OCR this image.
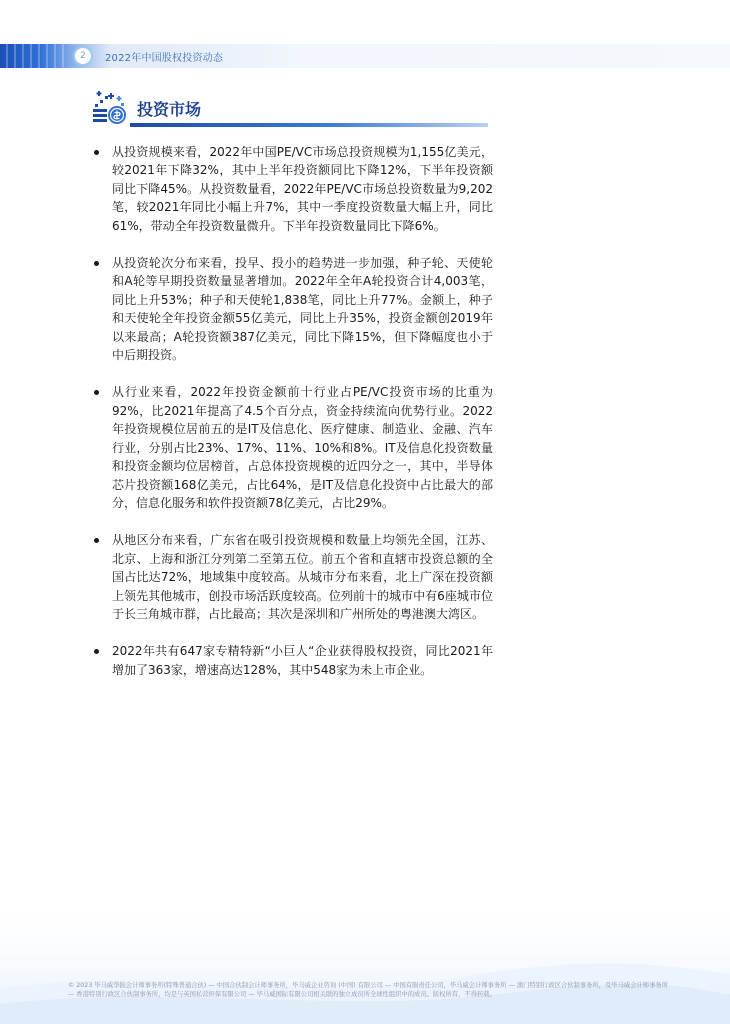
2 2022年中国股权投资动态
投资市场
从投资规模来看，2022年中国PE/VC市场总投资规模为1,155亿美元，较2021年下降32%，其中上半年投资额同比下降12%，下半年投资额同比下降45%。从投资数量看，2022年PE/VC市场总投资数量为9,202笔，较2021年同比小幅上升7%，其中一季度投资数量大幅上升，同比61%，带动全年投资数量微升。下半年投资数量同比下降6%。
从投资轮次分布来看，投早、投小的趋势进一步加强，种子轮、天使轮和A轮等早期投资数量显著增加。2022年全年A轮投资合计4,003笔，同比上升53%；种子和天使轮1,838笔，同比上升77%。金额上，种子和天使轮全年投资金额55亿美元，同比上升35%，投资金额创2019年以来最高；A轮投资额387亿美元，同比下降15%，但下降幅度也小于中后期投资。
从行业来看，2022年投资金额前十行业占PE/VC投资市场的比重为92%，比2021年提高了4.5个百分点，资金持续流向优势行业。2022年投资规模位居前五的是IT及信息化、医疗健康、制造业、金融、汽车行业，分别占比23%、17%、11%、10%和8%。IT及信息化投资数量和投资金额均位居榜首，占总体投资规模的近四分之一，其中，半导体芯片投资额168亿美元，占比64%，是IT及信息化投资中占比最大的部分，信息化服务和软件投资额78亿美元，占比29%。
从地区分布来看，广东省在吸引投资规模和数量上均领先全国，江苏、北京、上海和浙江分列第二至第五位。前五个省和直辖市投资总额的全国占比达72%，地域集中度较高。从城市分布来看，北上广深在投资额上领先其他城市，创投市场活跃度较高。位列前十的城市中有6座城市位于长三角城市群，占比最高；其次是深圳和广州所处的粤港澳大湾区。
2022年共有647家专精特新“小巨人“企业获得股权投资，同比2021年增加了363家，增速高达128%，其中548家为未上市企业。
© 2023 毕马威华振会计师事务所(特殊普通合伙) — 中国合伙制会计师事务所，毕马威企业咨询 (中国) 有限公司 — 中国有限责任公司，毕马威会计师事务所 — 澳门特别行政区合伙制事务所，及毕马威会计师事务所 — 香港特别行政区合伙制事务所，均是与英国私营担保有限公司 — 毕马威国际有限公司相关联的独立成员所全球性组织中的成员。版权所有，不得转载。
